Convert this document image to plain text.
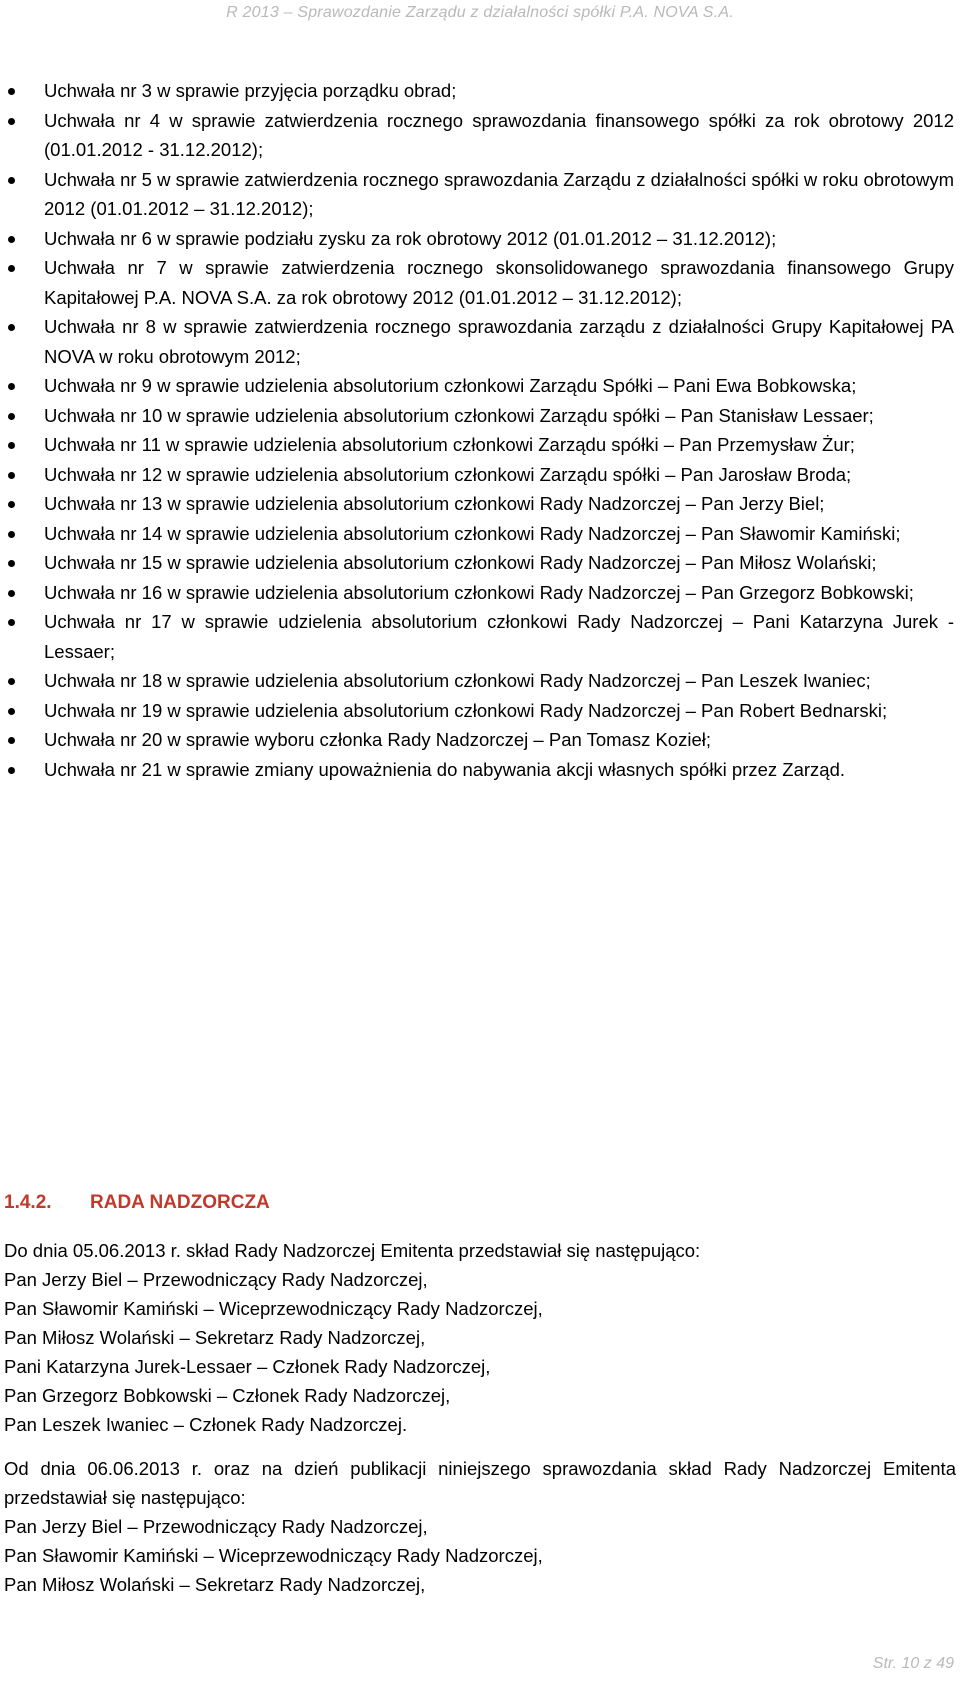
R 2013 – Sprawozdanie Zarządu z działalności spółki P.A. NOVA S.A.
Uchwała nr 3 w sprawie przyjęcia porządku obrad;
Uchwała nr 4 w sprawie zatwierdzenia rocznego sprawozdania finansowego spółki za rok obrotowy 2012 (01.01.2012 - 31.12.2012);
Uchwała nr 5 w sprawie zatwierdzenia rocznego sprawozdania Zarządu z działalności spółki w roku obrotowym 2012 (01.01.2012 – 31.12.2012);
Uchwała nr 6 w sprawie podziału zysku za rok obrotowy 2012 (01.01.2012 – 31.12.2012);
Uchwała nr 7 w sprawie zatwierdzenia rocznego skonsolidowanego sprawozdania finansowego Grupy Kapitałowej P.A. NOVA S.A. za rok obrotowy 2012 (01.01.2012 – 31.12.2012);
Uchwała nr 8 w sprawie zatwierdzenia rocznego sprawozdania zarządu z działalności Grupy Kapitałowej PA NOVA w roku obrotowym 2012;
Uchwała nr 9 w sprawie udzielenia absolutorium członkowi Zarządu Spółki – Pani Ewa Bobkowska;
Uchwała nr 10 w sprawie udzielenia absolutorium członkowi Zarządu spółki – Pan Stanisław Lessaer;
Uchwała nr 11 w sprawie udzielenia absolutorium członkowi Zarządu spółki – Pan Przemysław Żur;
Uchwała nr 12 w sprawie udzielenia absolutorium członkowi Zarządu spółki – Pan Jarosław Broda;
Uchwała nr 13 w sprawie udzielenia absolutorium członkowi Rady Nadzorczej – Pan Jerzy Biel;
Uchwała nr 14 w sprawie udzielenia absolutorium członkowi Rady Nadzorczej – Pan Sławomir Kamiński;
Uchwała nr 15 w sprawie udzielenia absolutorium członkowi Rady Nadzorczej – Pan Miłosz Wolański;
Uchwała nr 16 w sprawie udzielenia absolutorium członkowi Rady Nadzorczej – Pan Grzegorz Bobkowski;
Uchwała nr 17 w sprawie udzielenia absolutorium członkowi Rady Nadzorczej – Pani Katarzyna Jurek - Lessaer;
Uchwała nr 18 w sprawie udzielenia absolutorium członkowi Rady Nadzorczej – Pan Leszek Iwaniec;
Uchwała nr 19 w sprawie udzielenia absolutorium członkowi Rady Nadzorczej – Pan Robert Bednarski;
Uchwała nr 20 w sprawie wyboru członka Rady Nadzorczej – Pan Tomasz Kozieł;
Uchwała nr 21 w sprawie zmiany upoważnienia do nabywania akcji własnych spółki przez Zarząd.
1.4.2. RADA NADZORCZA

Do dnia 05.06.2013 r. skład Rady Nadzorczej Emitenta przedstawiał się następująco:

Pan Jerzy Biel – Przewodniczący Rady Nadzorczej,

Pan Sławomir Kamiński – Wiceprzewodniczący Rady Nadzorczej,

Pan Miłosz Wolański – Sekretarz Rady Nadzorczej,

Pani Katarzyna Jurek-Lessaer – Członek Rady Nadzorczej,

Pan Grzegorz Bobkowski – Członek Rady Nadzorczej,

Pan Leszek Iwaniec – Członek Rady Nadzorczej.

Od dnia 06.06.2013 r. oraz na dzień publikacji niniejszego sprawozdania skład Rady Nadzorczej Emitenta przedstawiał się następująco:

Pan Jerzy Biel – Przewodniczący Rady Nadzorczej,

Pan Sławomir Kamiński – Wiceprzewodniczący Rady Nadzorczej,

Pan Miłosz Wolański – Sekretarz Rady Nadzorczej,

Str. 10 z 49
